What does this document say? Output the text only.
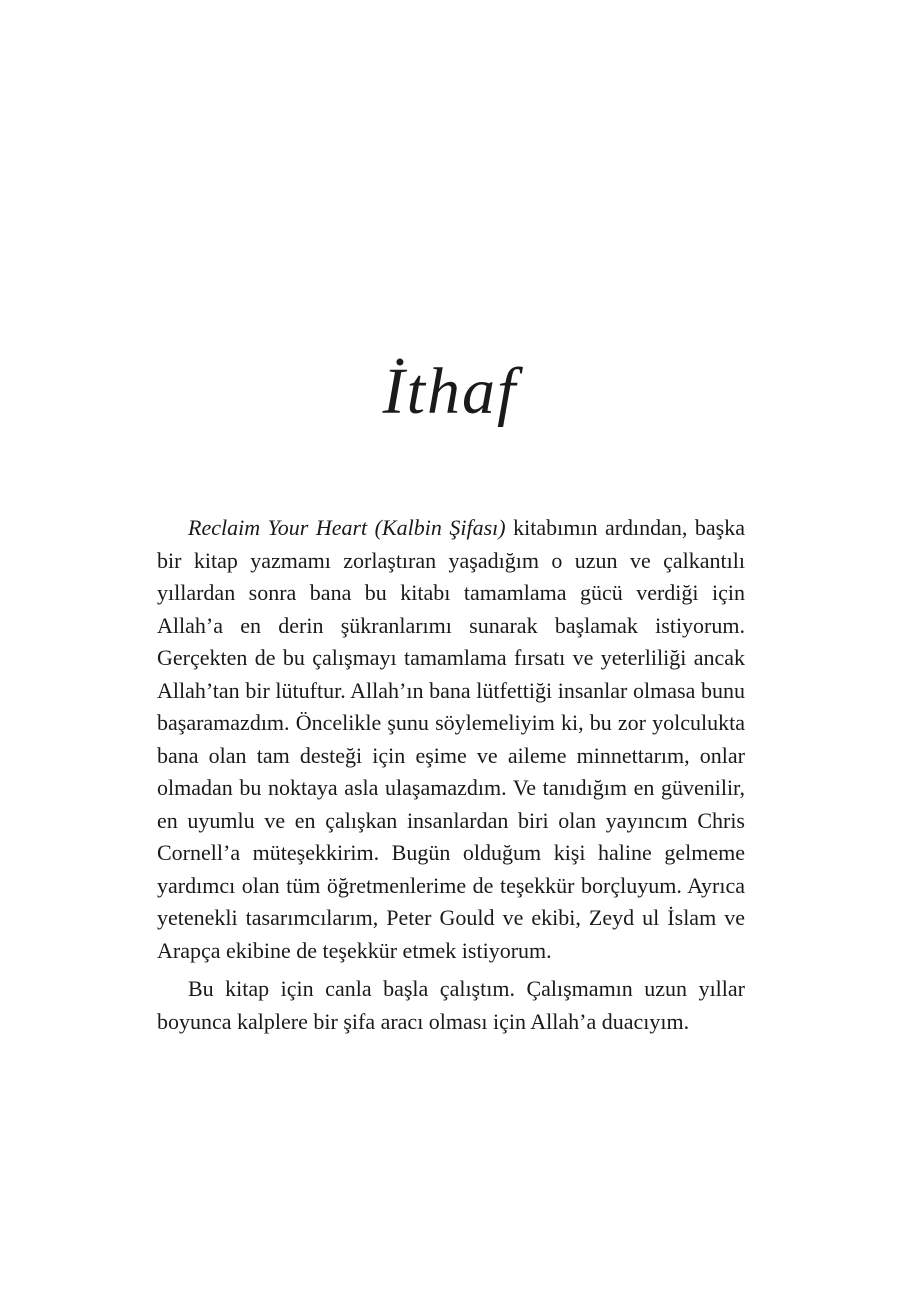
İthaf

Reclaim Your Heart (Kalbin Şifası) kitabımın ardından, başka bir kitap yazmamı zorlaştıran yaşadığım o uzun ve çalkantılı yıllardan sonra bana bu kitabı tamamlama gücü verdiği için Allah’a en derin şükranlarımı sunarak başlamak istiyorum. Gerçekten de bu çalışmayı tamamlama fırsatı ve yeterliliği ancak Allah’tan bir lütuftur. Allah’ın bana lütfettiği insanlar olmasa bunu başaramazdım. Öncelikle şunu söylemeliyim ki, bu zor yolculukta bana olan tam desteği için eşime ve aileme minnettarım, onlar olmadan bu noktaya asla ulaşamazdım. Ve tanıdığım en güvenilir, en uyumlu ve en çalışkan insanlardan biri olan yayıncım Chris Cornell’a müteşekkirim. Bugün olduğum kişi haline gelmeme yardımcı olan tüm öğretmenlerime de teşekkür borçluyum. Ayrıca yetenekli tasarımcılarım, Peter Gould ve ekibi, Zeyd ul İslam ve Arapça ekibine de teşekkür etmek istiyorum.

Bu kitap için canla başla çalıştım. Çalışmamın uzun yıllar boyunca kalplere bir şifa aracı olması için Allah’a duacıyım.
